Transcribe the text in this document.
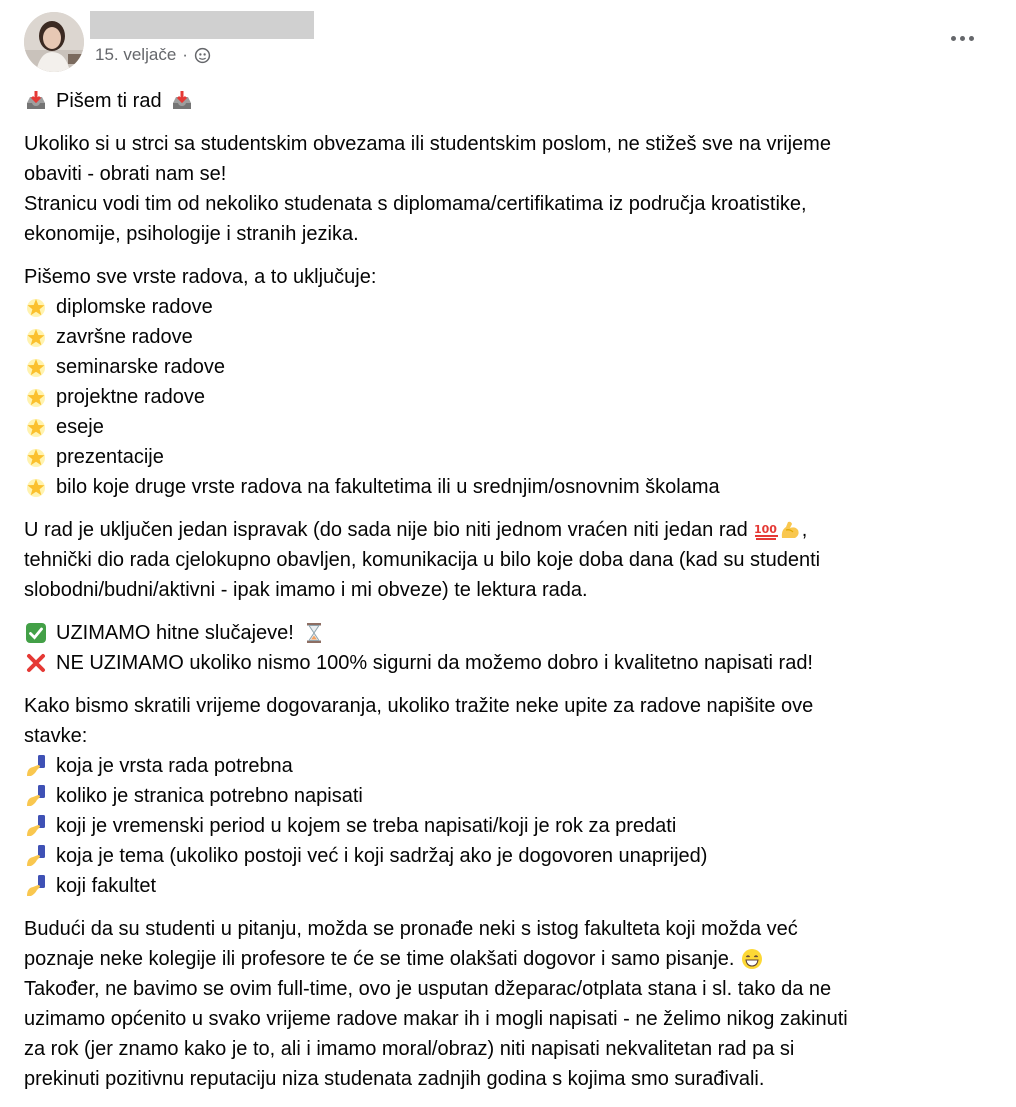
15. veljače ·
Pišem ti rad
Ukoliko si u strci sa studentskim obvezama ili studentskim poslom, ne stižeš sve na vrijeme
obaviti - obrati nam se!
Stranicu vodi tim od nekoliko studenata s diplomama/certifikatima iz područja kroatistike,
ekonomije, psihologije i stranih jezika.
Pišemo sve vrste radova, a to uključuje:
diplomske radove
završne radove
seminarske radove
projektne radove
eseje
prezentacije
bilo koje druge vrste radova na fakultetima ili u srednjim/osnovnim školama
U rad je uključen jedan ispravak (do sada nije bio niti jednom vraćen niti jedan rad 100 ,
tehnički dio rada cjelokupno obavljen, komunikacija u bilo koje doba dana (kad su studenti
slobodni/budni/aktivni - ipak imamo i mi obveze) te lektura rada.
UZIMAMO hitne slučajeve!
NE UZIMAMO ukoliko nismo 100% sigurni da možemo dobro i kvalitetno napisati rad!
Kako bismo skratili vrijeme dogovaranja, ukoliko tražite neke upite za radove napišite ove
stavke:
koja je vrsta rada potrebna
koliko je stranica potrebno napisati
koji je vremenski period u kojem se treba napisati/koji je rok za predati
koja je tema (ukoliko postoji već i koji sadržaj ako je dogovoren unaprijed)
koji fakultet
Budući da su studenti u pitanju, možda se pronađe neki s istog fakulteta koji možda već
poznaje neke kolegije ili profesore te će se time olakšati dogovor i samo pisanje.
Također, ne bavimo se ovim full-time, ovo je usputan džeparac/otplata stana i sl. tako da ne
uzimamo općenito u svako vrijeme radove makar ih i mogli napisati - ne želimo nikog zakinuti
za rok (jer znamo kako je to, ali i imamo moral/obraz) niti napisati nekvalitetan rad pa si
prekinuti pozitivnu reputaciju niza studenata zadnjih godina s kojima smo surađivali.
